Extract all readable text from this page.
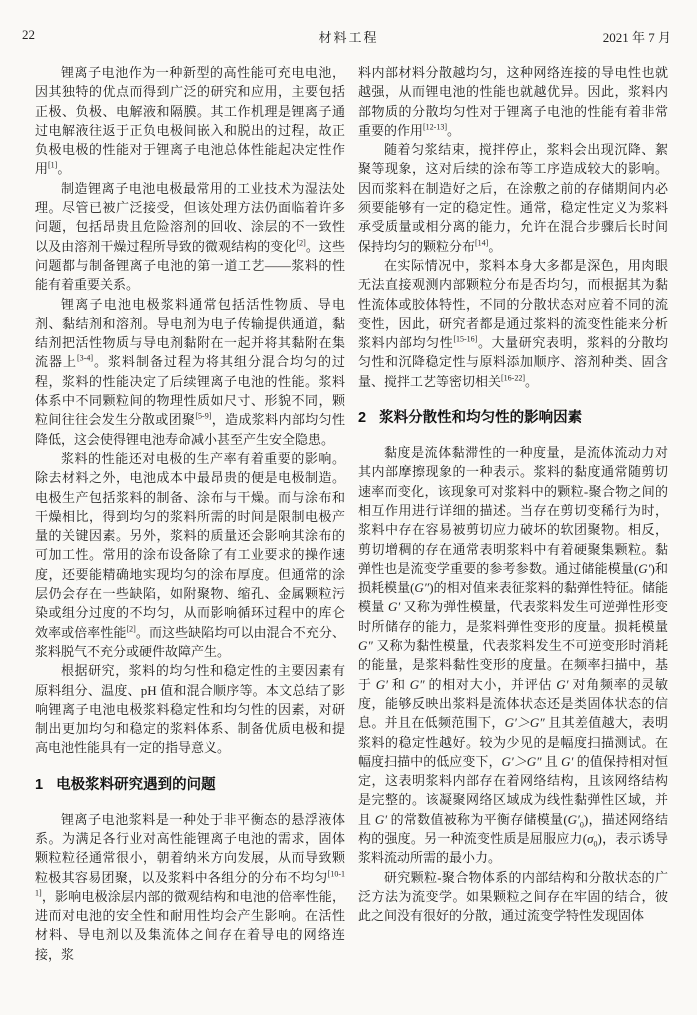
22	材料工程	2021 年 7 月

锂离子电池作为一种新型的高性能可充电电池，因其独特的优点而得到广泛的研究和应用，主要包括正极、负极、电解液和隔膜。其工作机理是锂离子通过电解液往返于正负电极间嵌入和脱出的过程，故正负极电极的性能对于锂离子电池总体性能起决定性作用[1]。

制造锂离子电池电极最常用的工业技术为湿法处理。尽管已被广泛接受，但该处理方法仍面临着许多问题，包括昂贵且危险溶剂的回收、涂层的不一致性以及由溶剂干燥过程所导致的微观结构的变化[2]。这些问题都与制备锂离子电池的第一道工艺——浆料的性能有着重要关系。

锂离子电池电极浆料通常包括活性物质、导电剂、黏结剂和溶剂。导电剂为电子传输提供通道，黏结剂把活性物质与导电剂黏附在一起并将其黏附在集流器上[3-4]。浆料制备过程为将其组分混合均匀的过程，浆料的性能决定了后续锂离子电池的性能。浆料体系中不同颗粒间的物理性质如尺寸、形貌不同，颗粒间往往会发生分散或团聚[5-9]，造成浆料内部均匀性降低，这会使得锂电池寿命减小甚至产生安全隐患。

浆料的性能还对电极的生产率有着重要的影响。除去材料之外，电池成本中最昂贵的便是电极制造。电极生产包括浆料的制备、涂布与干燥。而与涂布和干燥相比，得到均匀的浆料所需的时间是限制电极产量的关键因素。另外，浆料的质量还会影响其涂布的可加工性。常用的涂布设备除了有工业要求的操作速度，还要能精确地实现均匀的涂布厚度。但通常的涂层仍会存在一些缺陷，如附聚物、缩孔、金属颗粒污染或组分过度的不均匀，从而影响循环过程中的库仑效率或倍率性能[2]。而这些缺陷均可以由混合不充分、浆料脱气不充分或硬件故障产生。

根据研究，浆料的均匀性和稳定性的主要因素有原料组分、温度、pH 值和混合顺序等。本文总结了影响锂离子电池电极浆料稳定性和均匀性的因素，对研制出更加均匀和稳定的浆料体系、制备优质电极和提高电池性能具有一定的指导意义。

1 电极浆料研究遇到的问题

锂离子电池浆料是一种处于非平衡态的悬浮液体系。为满足各行业对高性能锂离子电池的需求，固体颗粒粒径通常很小，朝着纳米方向发展，从而导致颗粒极其容易团聚，以及浆料中各组分的分布不均匀[10-11]，影响电极涂层内部的微观结构和电池的倍率性能，进而对电池的安全性和耐用性均会产生影响。在活性材料、导电剂以及集流体之间存在着导电的网络连接，浆

料内部材料分散越均匀，这种网络连接的导电性也就越强，从而锂电池的性能也就越优异。因此，浆料内部物质的分散均匀性对于锂离子电池的性能有着非常重要的作用[12-13]。

随着匀浆结束，搅拌停止，浆料会出现沉降、絮聚等现象，这对后续的涂布等工序造成较大的影响。因而浆料在制造好之后，在涂敷之前的存储期间内必须要能够有一定的稳定性。通常，稳定性定义为浆料承受质量或相分离的能力，允许在混合步骤后长时间保持均匀的颗粒分布[14]。

在实际情况中，浆料本身大多都是深色，用肉眼无法直接观测内部颗粒分布是否均匀，而根据其为黏性流体或胶体特性，不同的分散状态对应着不同的流变性，因此，研究者都是通过浆料的流变性能来分析浆料内部均匀性[15-16]。大量研究表明，浆料的分散均匀性和沉降稳定性与原料添加顺序、溶剂种类、固含量、搅拌工艺等密切相关[16-22]。

2 浆料分散性和均匀性的影响因素

黏度是流体黏滞性的一种度量，是流体流动力对其内部摩擦现象的一种表示。浆料的黏度通常随剪切速率而变化，该现象可对浆料中的颗粒-聚合物之间的相互作用进行详细的描述。当存在剪切变稀行为时，浆料中存在容易被剪切应力破坏的软团聚物。相反，剪切增稠的存在通常表明浆料中有着硬聚集颗粒。黏弹性也是流变学重要的参考参数。通过储能模量(G′)和损耗模量(G″)的相对值来表征浆料的黏弹性特征。储能模量 G′ 又称为弹性模量，代表浆料发生可逆弹性形变时所储存的能力，是浆料弹性变形的度量。损耗模量 G″ 又称为黏性模量，代表浆料发生不可逆变形时消耗的能量，是浆料黏性变形的度量。在频率扫描中，基于 G′ 和 G″ 的相对大小，并评估 G′ 对角频率的灵敏度，能够反映出浆料是流体状态还是类固体状态的信息。并且在低频范围下，G′＞G″ 且其差值越大，表明浆料的稳定性越好。较为少见的是幅度扫描测试。在幅度扫描中的低应变下，G′＞G″ 且 G′ 的值保持相对恒定，这表明浆料内部存在着网络结构，且该网络结构是完整的。该凝聚网络区域成为线性黏弹性区域，并且 G′ 的常数值被称为平衡存储模量$(G'_0)$，描述网络结构的强度。另一种流变性质是屈服应力$(\sigma_0)$，表示诱导浆料流动所需的最小力。

研究颗粒-聚合物体系的内部结构和分散状态的广泛方法为流变学。如果颗粒之间存在牢固的结合，彼此之间没有很好的分散，通过流变学特性发现固体
